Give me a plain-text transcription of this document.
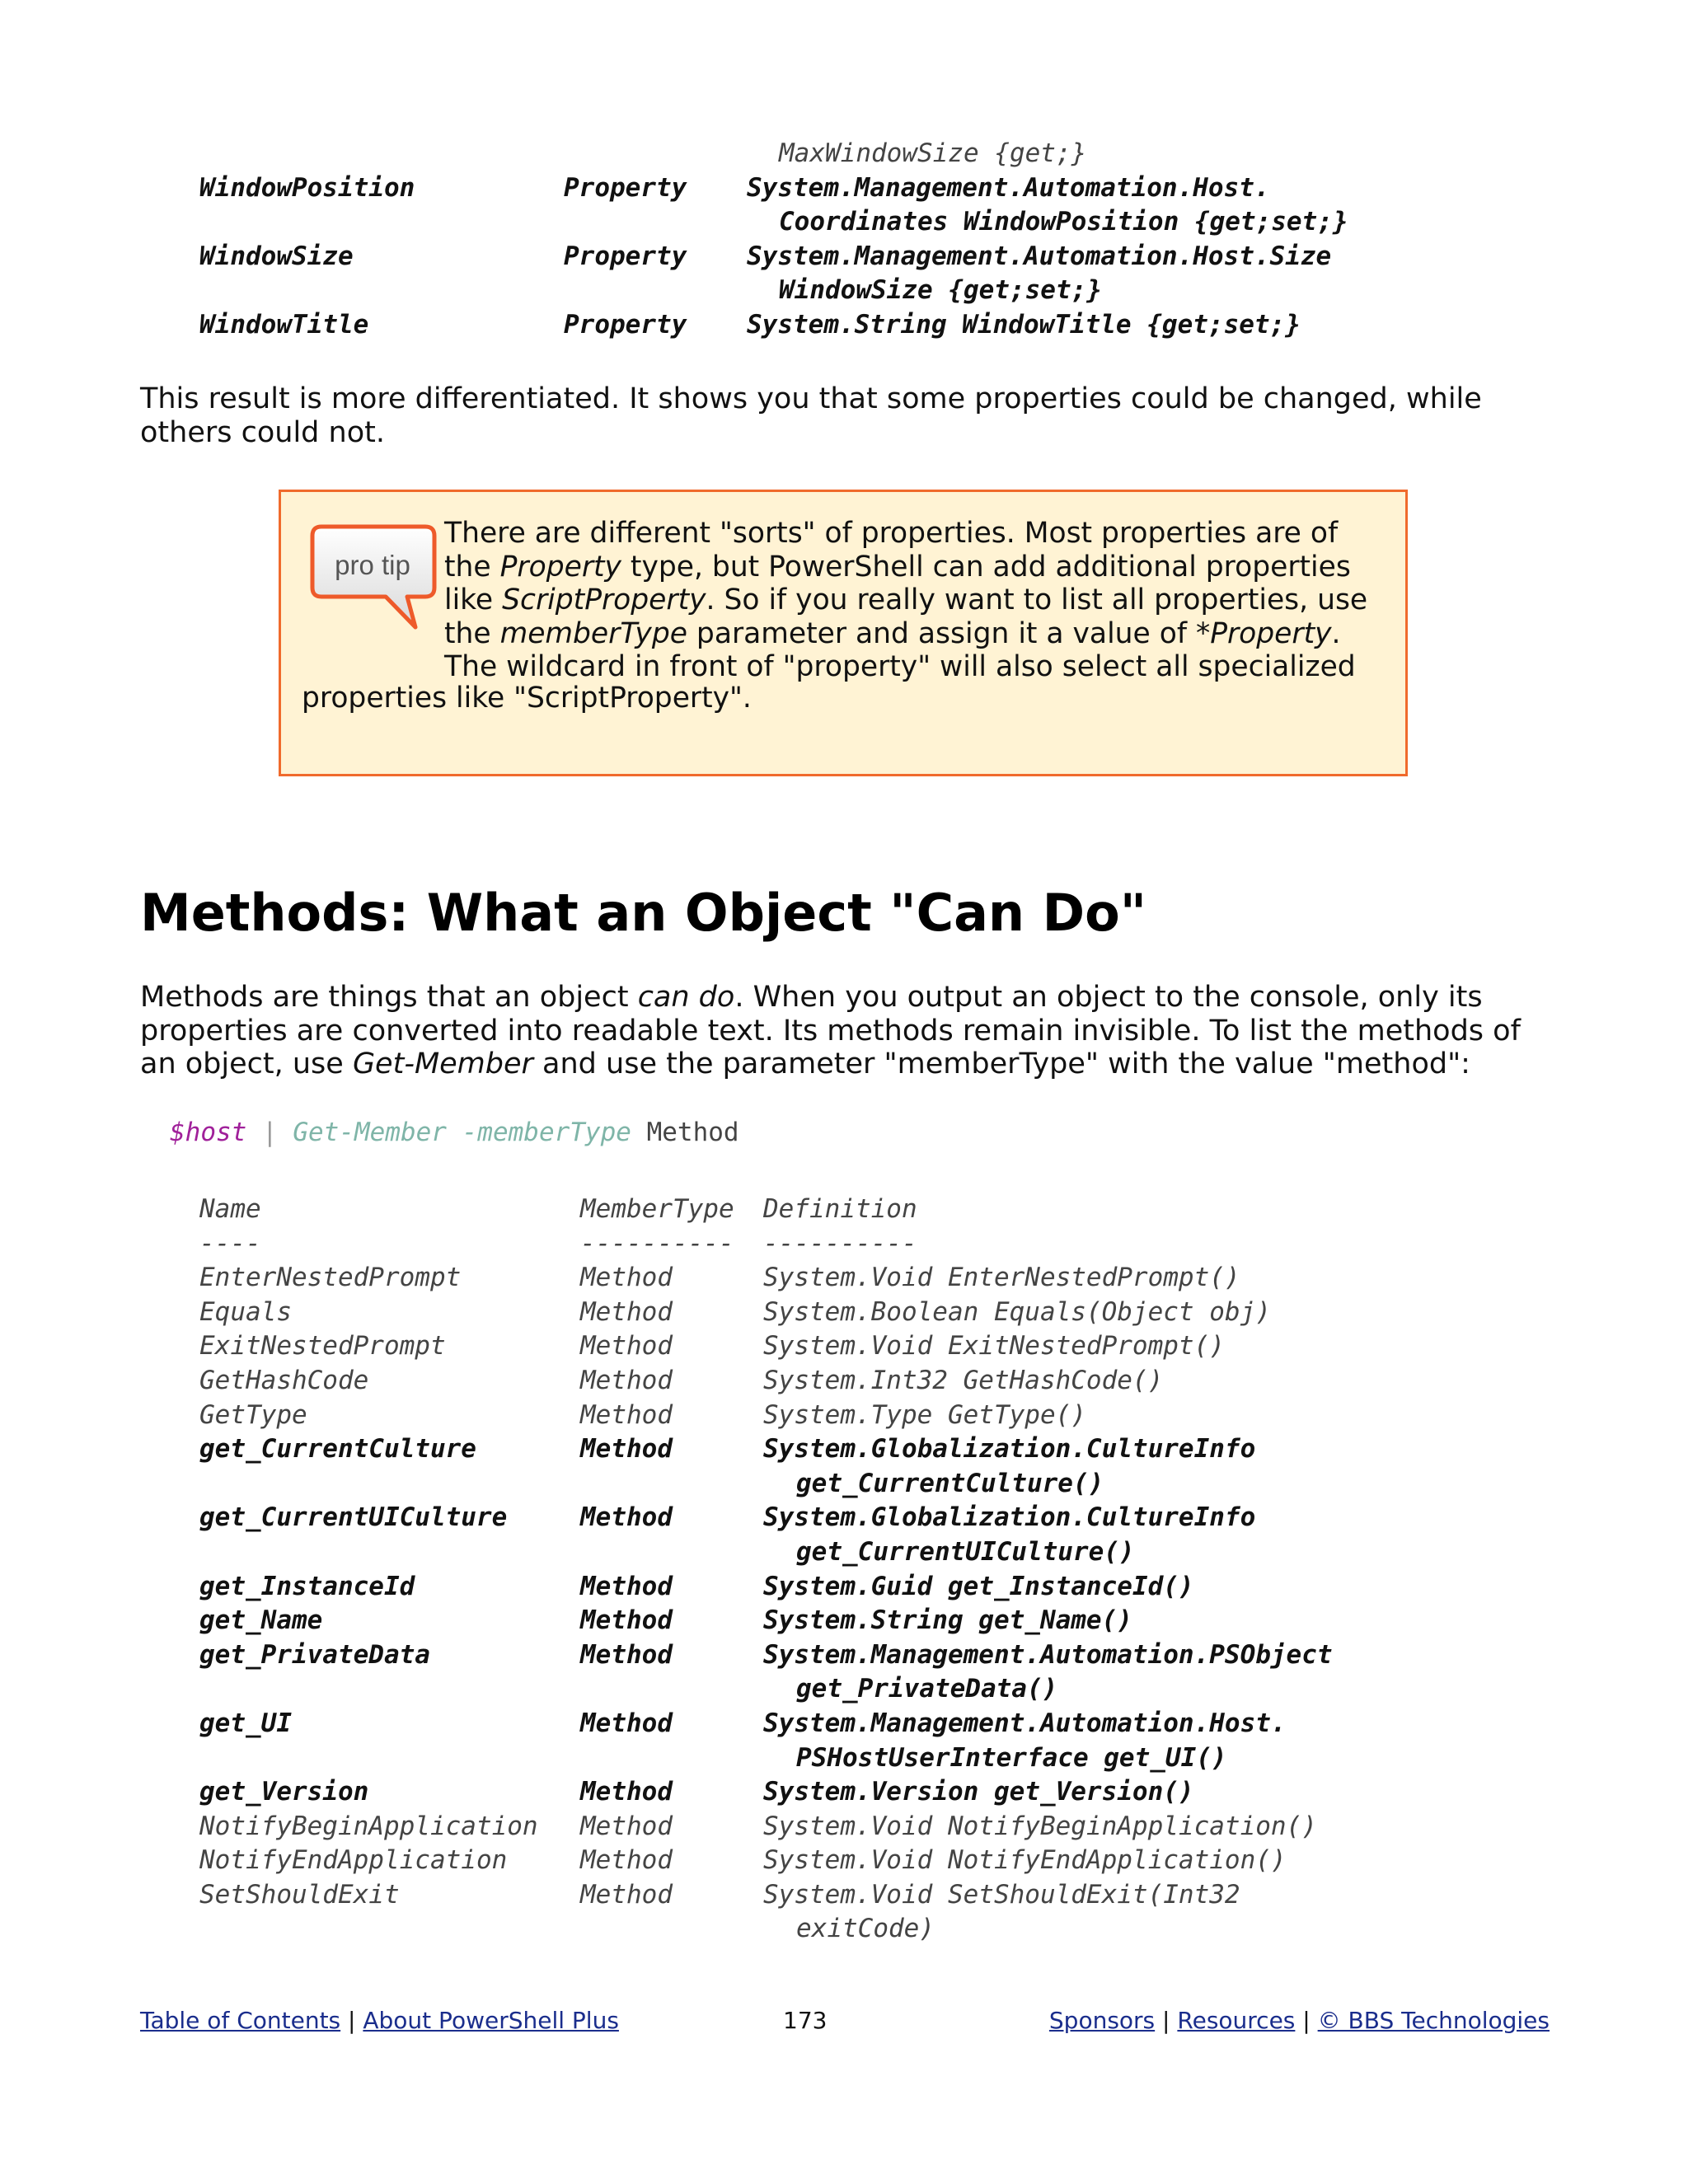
MaxWindowSize {get;}
WindowPosition	Property System.Management.Automation.Host.
Coordinates WindowPosition {get;set;}
WindowSize	Property System.Management.Automation.Host.Size
WindowSize {get;set;}
WindowTitle	Property System.String WindowTitle {get;set;}

This result is more differentiated. It shows you that some properties could be changed, while others could not.

pro tip
There are different "sorts" of properties. Most properties are of the Property type, but PowerShell can add additional properties like ScriptProperty. So if you really want to list all properties, use the memberType parameter and assign it a value of *Property. The wildcard in front of "property" will also select all specialized
properties like "ScriptProperty".
Methods: What an Object "Can Do"

Methods are things that an object can do. When you output an object to the console, only its properties are converted into readable text. Its methods remain invisible. To list the methods of an object, use Get-Member and use the parameter "memberType" with the value "method":

$host | Get-Member -memberType Method
Name	MemberType Definition
----	---------- ----------
EnterNestedPrompt	Method	System.Void EnterNestedPrompt()
Equals	Method	System.Boolean Equals(Object obj)
ExitNestedPrompt	Method	System.Void ExitNestedPrompt()
GetHashCode	Method	System.Int32 GetHashCode()
GetType	Method	System.Type GetType()
get_CurrentCulture	Method	System.Globalization.CultureInfo
get_CurrentCulture()
get_CurrentUICulture	Method	System.Globalization.CultureInfo
get_CurrentUICulture()
get_InstanceId	Method	System.Guid get_InstanceId()
get_Name	Method	System.String get_Name()
get_PrivateData	Method	System.Management.Automation.PSObject
get_PrivateData()
get_UI	Method	System.Management.Automation.Host.
PSHostUserInterface get_UI()
get_Version	Method	System.Version get_Version()
NotifyBeginApplication Method	System.Void NotifyBeginApplication()
NotifyEndApplication	Method	System.Void NotifyEndApplication()
SetShouldExit	Method	System.Void SetShouldExit(Int32
exitCode)
Table of Contents | About PowerShell Plus	173	Sponsors | Resources | © BBS Technologies
